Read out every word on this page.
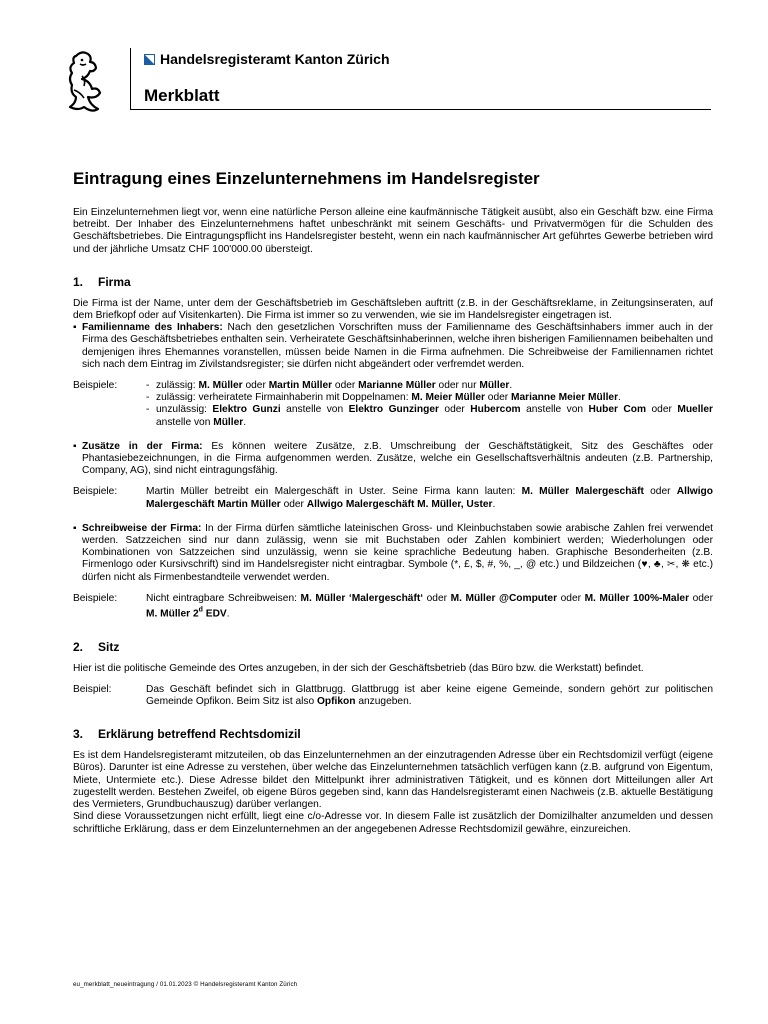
Handelsregisteramt Kanton Zürich
Merkblatt
Eintragung eines Einzelunternehmens im Handelsregister

Ein Einzelunternehmen liegt vor, wenn eine natürliche Person alleine eine kaufmännische Tätigkeit ausübt, also ein Geschäft bzw. eine Firma betreibt. Der Inhaber des Einzelunternehmens haftet unbeschränkt mit seinem Geschäfts- und Privatvermögen für die Schulden des Geschäftsbetriebes. Die Eintragungspflicht ins Handelsregister besteht, wenn ein nach kaufmännischer Art geführtes Gewerbe betrieben wird und der jährliche Umsatz CHF 100'000.00 übersteigt.

1. Firma

Die Firma ist der Name, unter dem der Geschäftsbetrieb im Geschäftsleben auftritt (z.B. in der Geschäftsreklame, in Zeitungsinseraten, auf dem Briefkopf oder auf Visitenkarten). Die Firma ist immer so zu verwenden, wie sie im Handelsregister eingetragen ist.

▪ Familienname des Inhabers: Nach den gesetzlichen Vorschriften muss der Familienname des Geschäftsinhabers immer auch in der Firma des Geschäftsbetriebes enthalten sein. Verheiratete Geschäftsinhaberinnen, welche ihren bisherigen Familiennamen beibehalten und demjenigen ihres Ehemannes voranstellen, müssen beide Namen in die Firma aufnehmen. Die Schreibweise der Familiennamen richtet sich nach dem Eintrag im Zivilstandsregister; sie dürfen nicht abgeändert oder verfremdet werden.
Beispiele:
-	zulässig: M. Müller oder Martin Müller oder Marianne Müller oder nur Müller.
- zulässig: verheiratete Firmainhaberin mit Doppelnamen: M. Meier Müller oder Marianne Meier Müller.
- unzulässig: Elektro Gunzi anstelle von Elektro Gunzinger oder Hubercom anstelle von Huber Com oder Mueller anstelle von Müller.
▪ Zusätze in der Firma: Es können weitere Zusätze, z.B. Umschreibung der Geschäftstätigkeit, Sitz des Geschäftes oder Phantasiebezeichnungen, in die Firma aufgenommen werden. Zusätze, welche ein Gesellschaftsverhältnis andeuten (z.B. Partnership, Company, AG), sind nicht eintragungsfähig.
Beispiele:	Martin Müller betreibt ein Malergeschäft in Uster. Seine Firma kann lauten: M. Müller Malergeschäft oder Allwigo Malergeschäft Martin Müller oder Allwigo Malergeschäft M. Müller, Uster.
▪ Schreibweise der Firma: In der Firma dürfen sämtliche lateinischen Gross- und Kleinbuchstaben sowie arabische Zahlen frei verwendet werden. Satzzeichen sind nur dann zulässig, wenn sie mit Buchstaben oder Zahlen kombiniert werden; Wiederholungen oder Kombinationen von Satzzeichen sind unzulässig, wenn sie keine sprachliche Bedeutung haben. Graphische Besonderheiten (z.B. Firmenlogo oder Kursivschrift) sind im Handelsregister nicht eintragbar. Symbole (*, £, $, #, %, _, @ etc.) und Bildzeichen (♥, ♣, ✂, ❋ etc.) dürfen nicht als Firmenbestandteile verwendet werden.
Beispiele:	Nicht eintragbare Schreibweisen: M. Müller ‘Malergeschäft‘ oder M. Müller @Computer oder M. Müller 100%-Maler oder M. Müller 2$^d$ EDV.
2. Sitz

Hier ist die politische Gemeinde des Ortes anzugeben, in der sich der Geschäftsbetrieb (das Büro bzw. die Werkstatt) befindet.

Beispiel:	Das Geschäft befindet sich in Glattbrugg. Glattbrugg ist aber keine eigene Gemeinde, sondern gehört zur politischen Gemeinde Opfikon. Beim Sitz ist also Opfikon anzugeben.
3. Erklärung betreffend Rechtsdomizil

Es ist dem Handelsregisteramt mitzuteilen, ob das Einzelunternehmen an der einzutragenden Adresse über ein Rechtsdomizil verfügt (eigene Büros). Darunter ist eine Adresse zu verstehen, über welche das Einzelunternehmen tatsächlich verfügen kann (z.B. aufgrund von Eigentum, Miete, Untermiete etc.). Diese Adresse bildet den Mittelpunkt ihrer administrativen Tätigkeit, und es können dort Mitteilungen aller Art zugestellt werden. Bestehen Zweifel, ob eigene Büros gegeben sind, kann das Handelsregisteramt einen Nachweis (z.B. aktuelle Bestätigung des Vermieters, Grundbuchauszug) darüber verlangen.

Sind diese Voraussetzungen nicht erfüllt, liegt eine c/o-Adresse vor. In diesem Falle ist zusätzlich der Domizilhalter anzumelden und dessen schriftliche Erklärung, dass er dem Einzelunternehmen an der angegebenen Adresse Rechtsdomizil gewähre, einzureichen.

eu_merkblatt_neueintragung / 01.01.2023 © Handelsregisteramt Kanton Zürich
